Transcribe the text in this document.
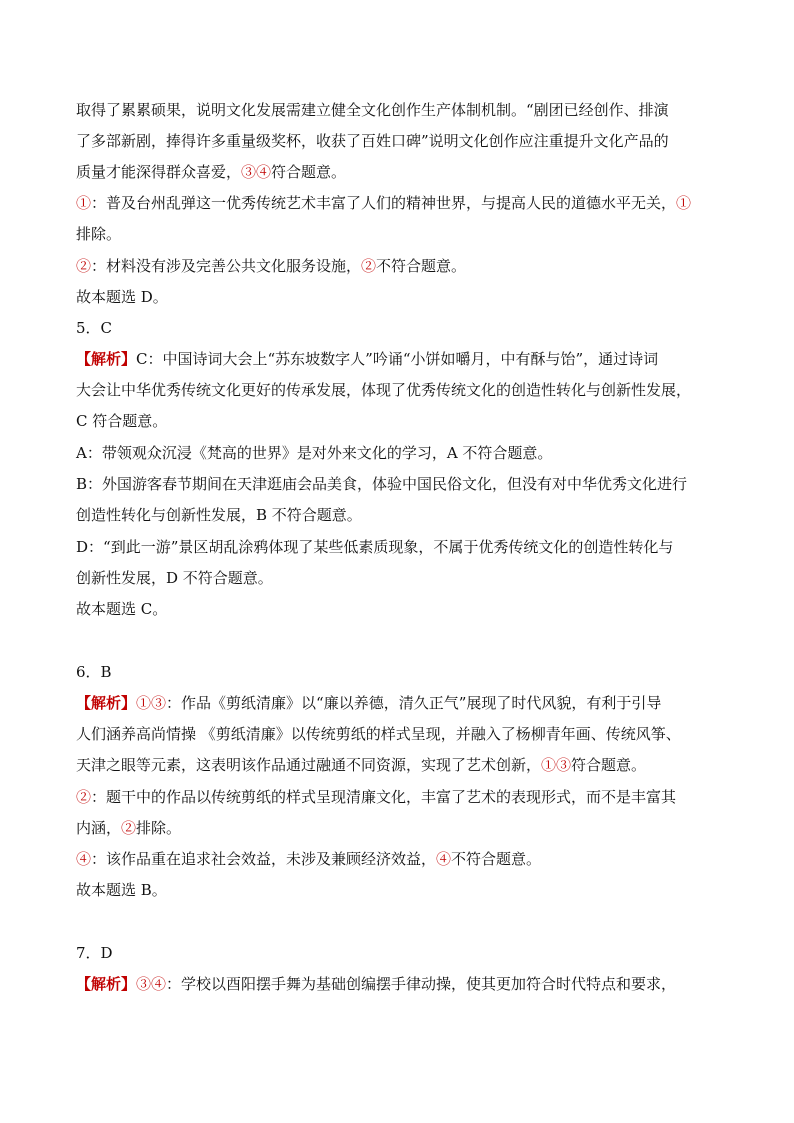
取得了累累硕果，说明文化发展需建立健全文化创作生产体制机制。“剧团已经创作、排演
了多部新剧，捧得许多重量级奖杯，收获了百姓口碑”说明文化创作应注重提升文化产品的
质量才能深得群众喜爱，③④符合题意。
①：普及台州乱弹这一优秀传统艺术丰富了人们的精神世界，与提高人民的道德水平无关，①
排除。
②：材料没有涉及完善公共文化服务设施，②不符合题意。
故本题选 D。
5．C
【解析】C：中国诗词大会上“苏东坡数字人”吟诵“小饼如嚼月，中有酥与饴”，通过诗词
大会让中华优秀传统文化更好的传承发展，体现了优秀传统文化的创造性转化与创新性发展，
C 符合题意。
A：带领观众沉浸《梵高的世界》是对外来文化的学习，A 不符合题意。
B：外国游客春节期间在天津逛庙会品美食，体验中国民俗文化，但没有对中华优秀文化进行
创造性转化与创新性发展，B 不符合题意。
D：“到此一游”景区胡乱涂鸦体现了某些低素质现象，不属于优秀传统文化的创造性转化与
创新性发展，D 不符合题意。
故本题选 C。
6．B
【解析】①③：作品《剪纸清廉》以“廉以养德，清久正气”展现了时代风貌，有利于引导
人们涵养高尚情操 《剪纸清廉》以传统剪纸的样式呈现，并融入了杨柳青年画、传统风筝、
天津之眼等元素，这表明该作品通过融通不同资源，实现了艺术创新，①③符合题意。
②：题干中的作品以传统剪纸的样式呈现清廉文化，丰富了艺术的表现形式，而不是丰富其
内涵，②排除。
④：该作品重在追求社会效益，未涉及兼顾经济效益，④不符合题意。
故本题选 B。
7．D
【解析】③④：学校以酉阳摆手舞为基础创编摆手律动操，使其更加符合时代特点和要求，
